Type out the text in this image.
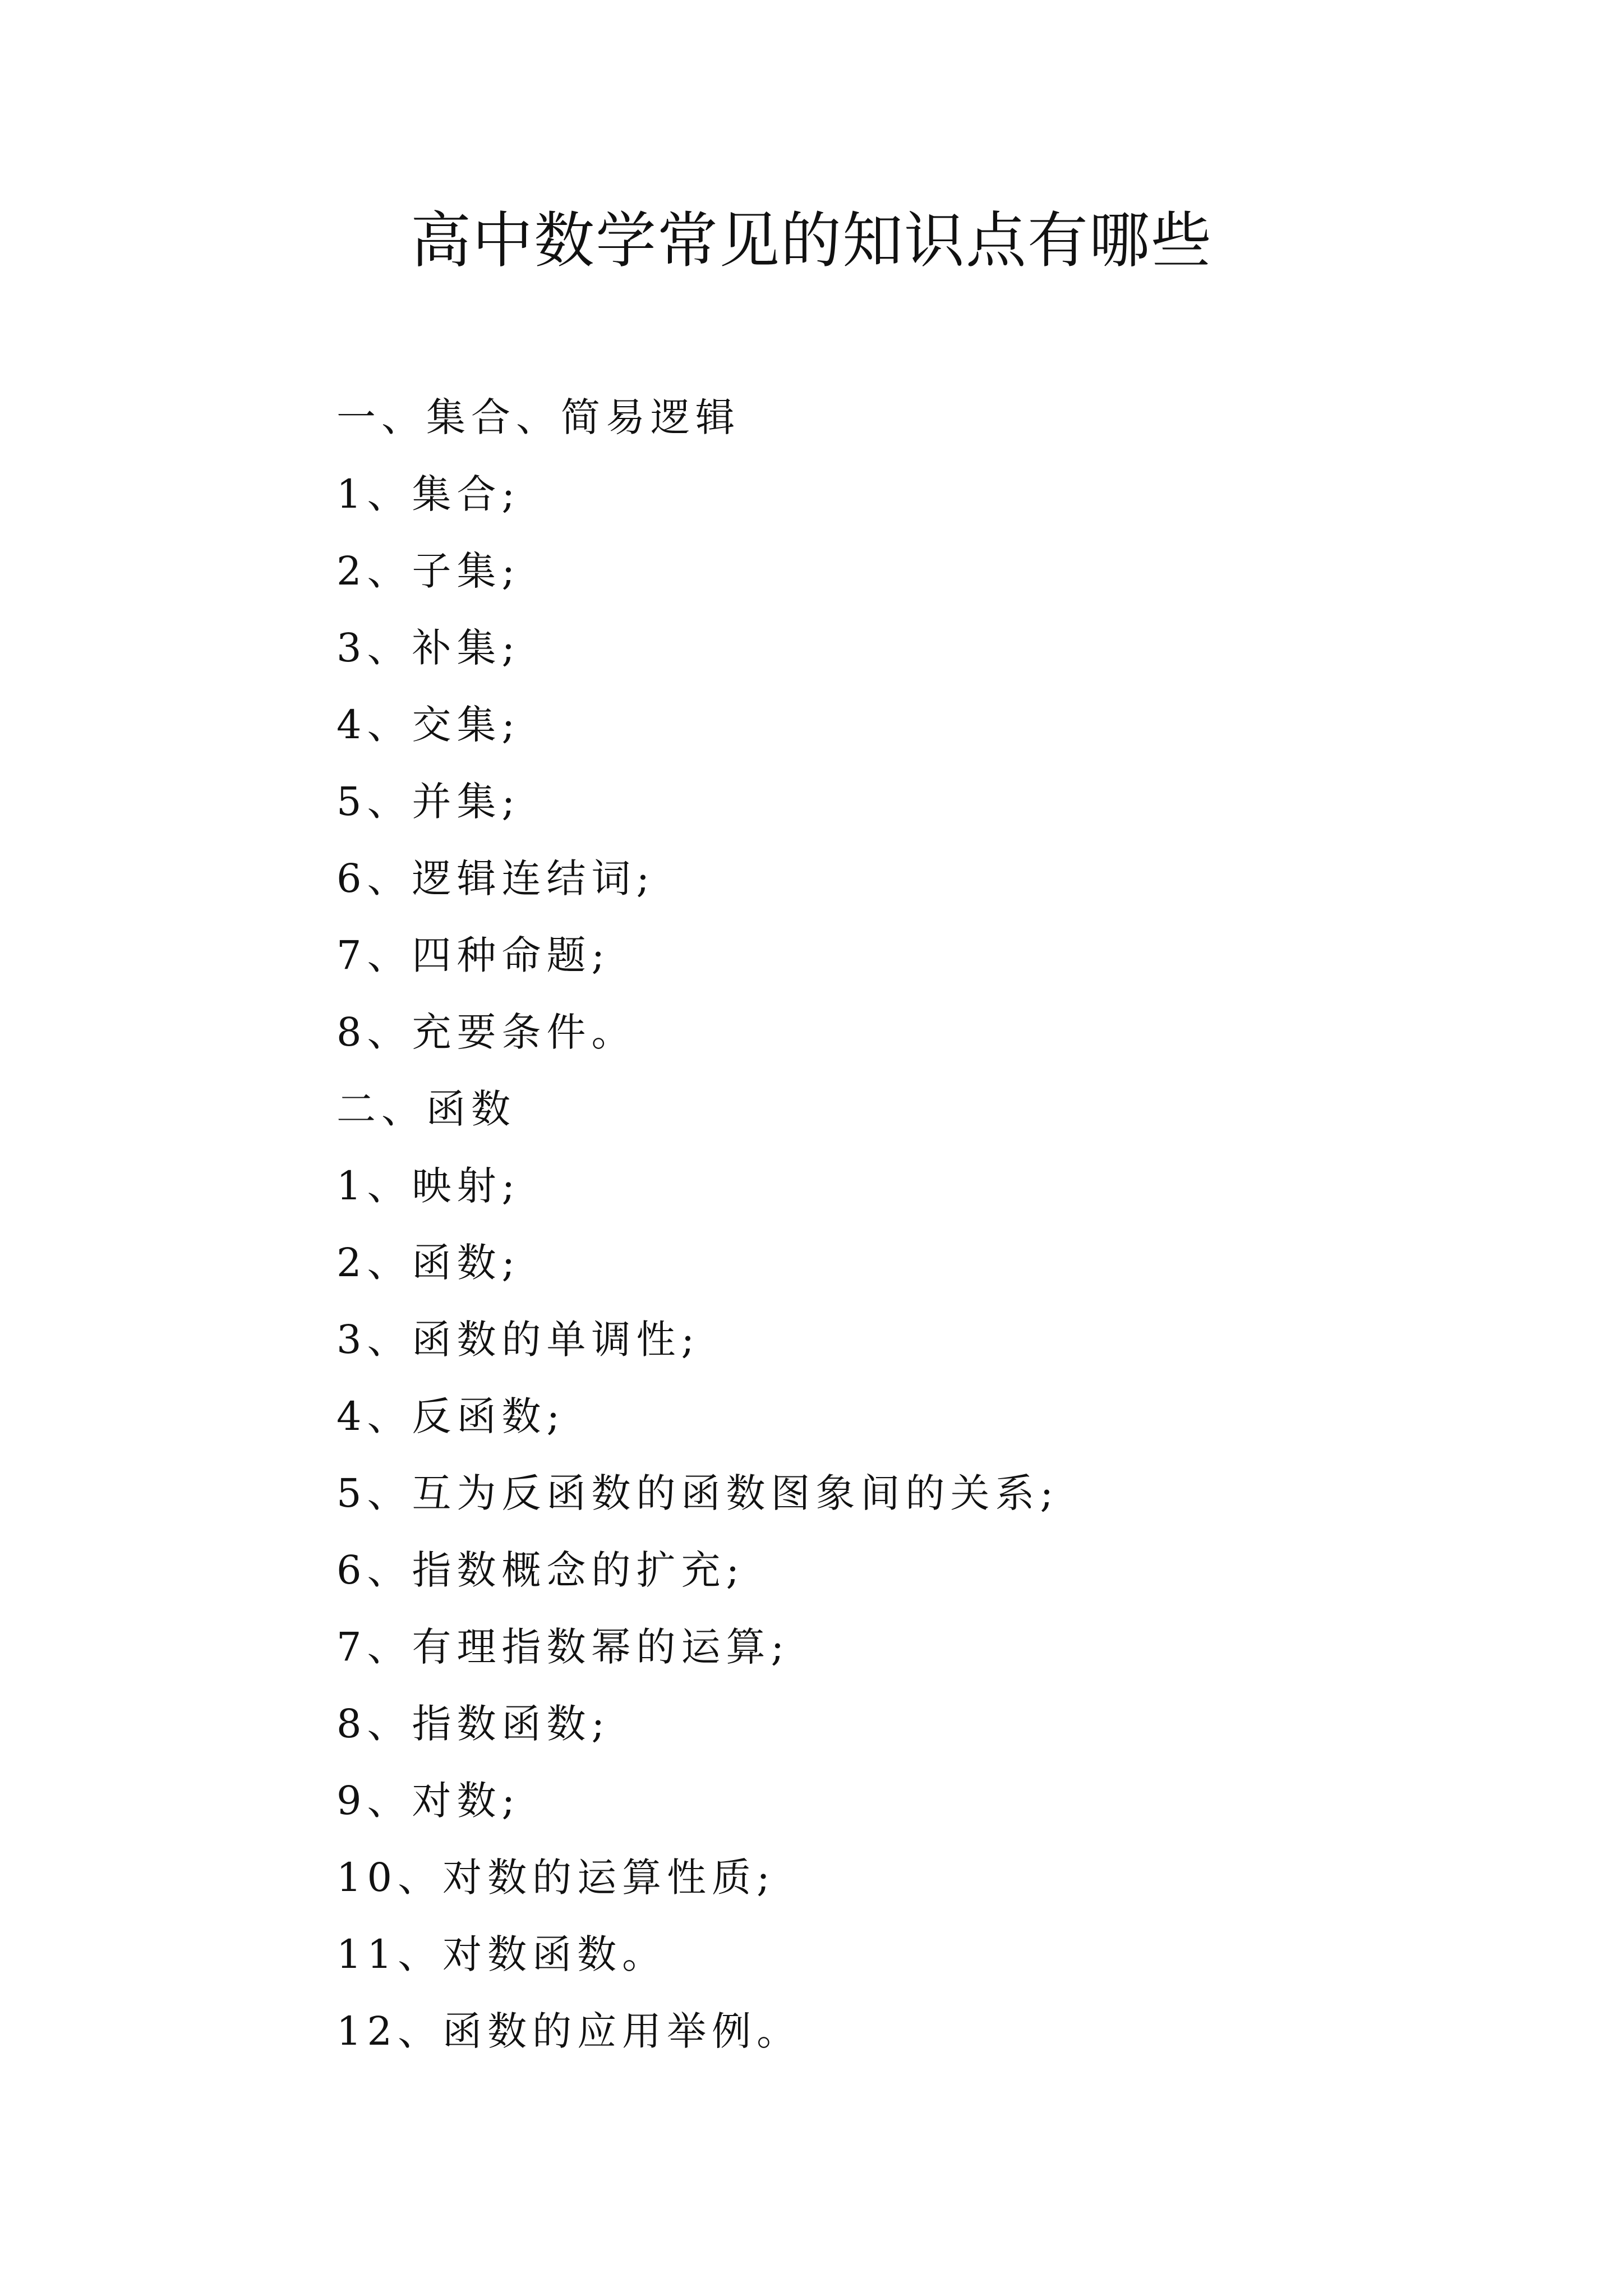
高中数学常见的知识点有哪些
一、集合、简易逻辑
1、集合;
2、子集;
3、补集;
4、交集;
5、并集;
6、逻辑连结词;
7、四种命题;
8、充要条件。
二、函数
1、映射;
2、函数;
3、函数的单调性;
4、反函数;
5、互为反函数的函数图象间的关系;
6、指数概念的扩充;
7、有理指数幂的运算;
8、指数函数;
9、对数;
10、对数的运算性质;
11、对数函数。
12、函数的应用举例。
